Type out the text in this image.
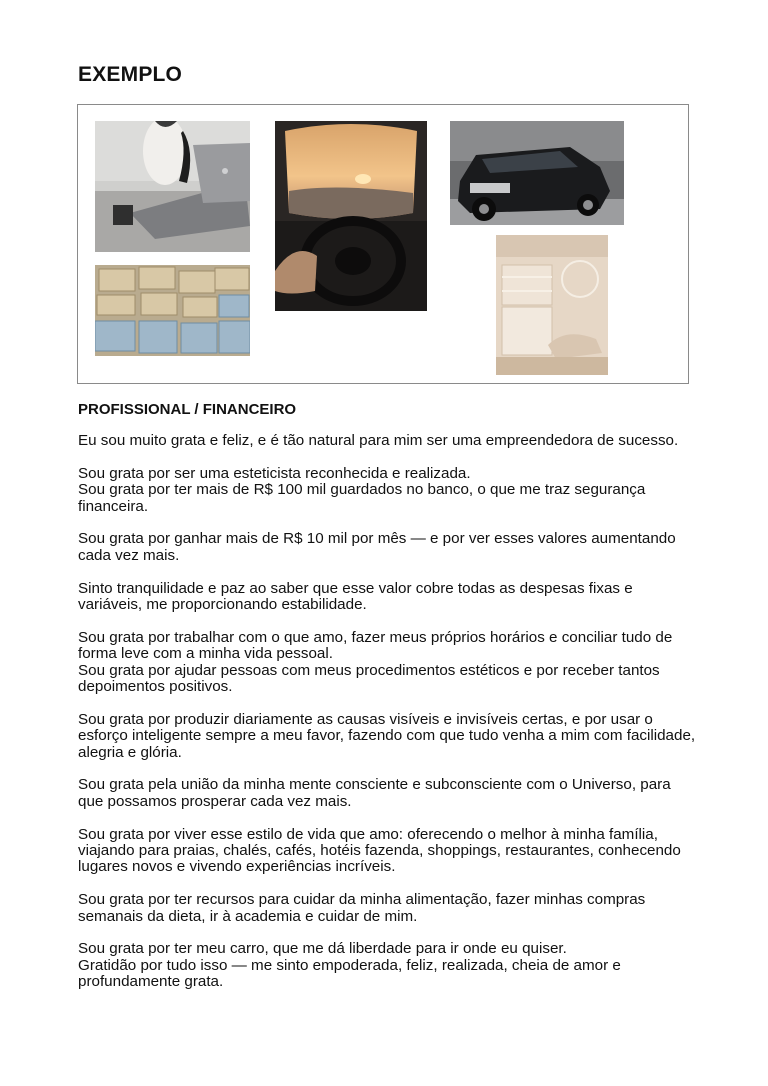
EXEMPLO
PROFISSIONAL / FINANCEIRO

Eu sou muito grata e feliz, e é tão natural para mim ser uma empreendedora de sucesso.

Sou grata por ser uma esteticista reconhecida e realizada.
Sou grata por ter mais de R$ 100 mil guardados no banco, o que me traz segurança financeira.

Sou grata por ganhar mais de R$ 10 mil por mês — e por ver esses valores aumentando cada vez mais.

Sinto tranquilidade e paz ao saber que esse valor cobre todas as despesas fixas e variáveis, me proporcionando estabilidade.

Sou grata por trabalhar com o que amo, fazer meus próprios horários e conciliar tudo de forma leve com a minha vida pessoal.
Sou grata por ajudar pessoas com meus procedimentos estéticos e por receber tantos depoimentos positivos.

Sou grata por produzir diariamente as causas visíveis e invisíveis certas, e por usar o esforço inteligente sempre a meu favor, fazendo com que tudo venha a mim com facilidade, alegria e glória.

Sou grata pela união da minha mente consciente e subconsciente com o Universo, para que possamos prosperar cada vez mais.

Sou grata por viver esse estilo de vida que amo: oferecendo o melhor à minha família, viajando para praias, chalés, cafés, hotéis fazenda, shoppings, restaurantes, conhecendo lugares novos e vivendo experiências incríveis.

Sou grata por ter recursos para cuidar da minha alimentação, fazer minhas compras semanais da dieta, ir à academia e cuidar de mim.

Sou grata por ter meu carro, que me dá liberdade para ir onde eu quiser.
Gratidão por tudo isso — me sinto empoderada, feliz, realizada, cheia de amor e profundamente grata.
